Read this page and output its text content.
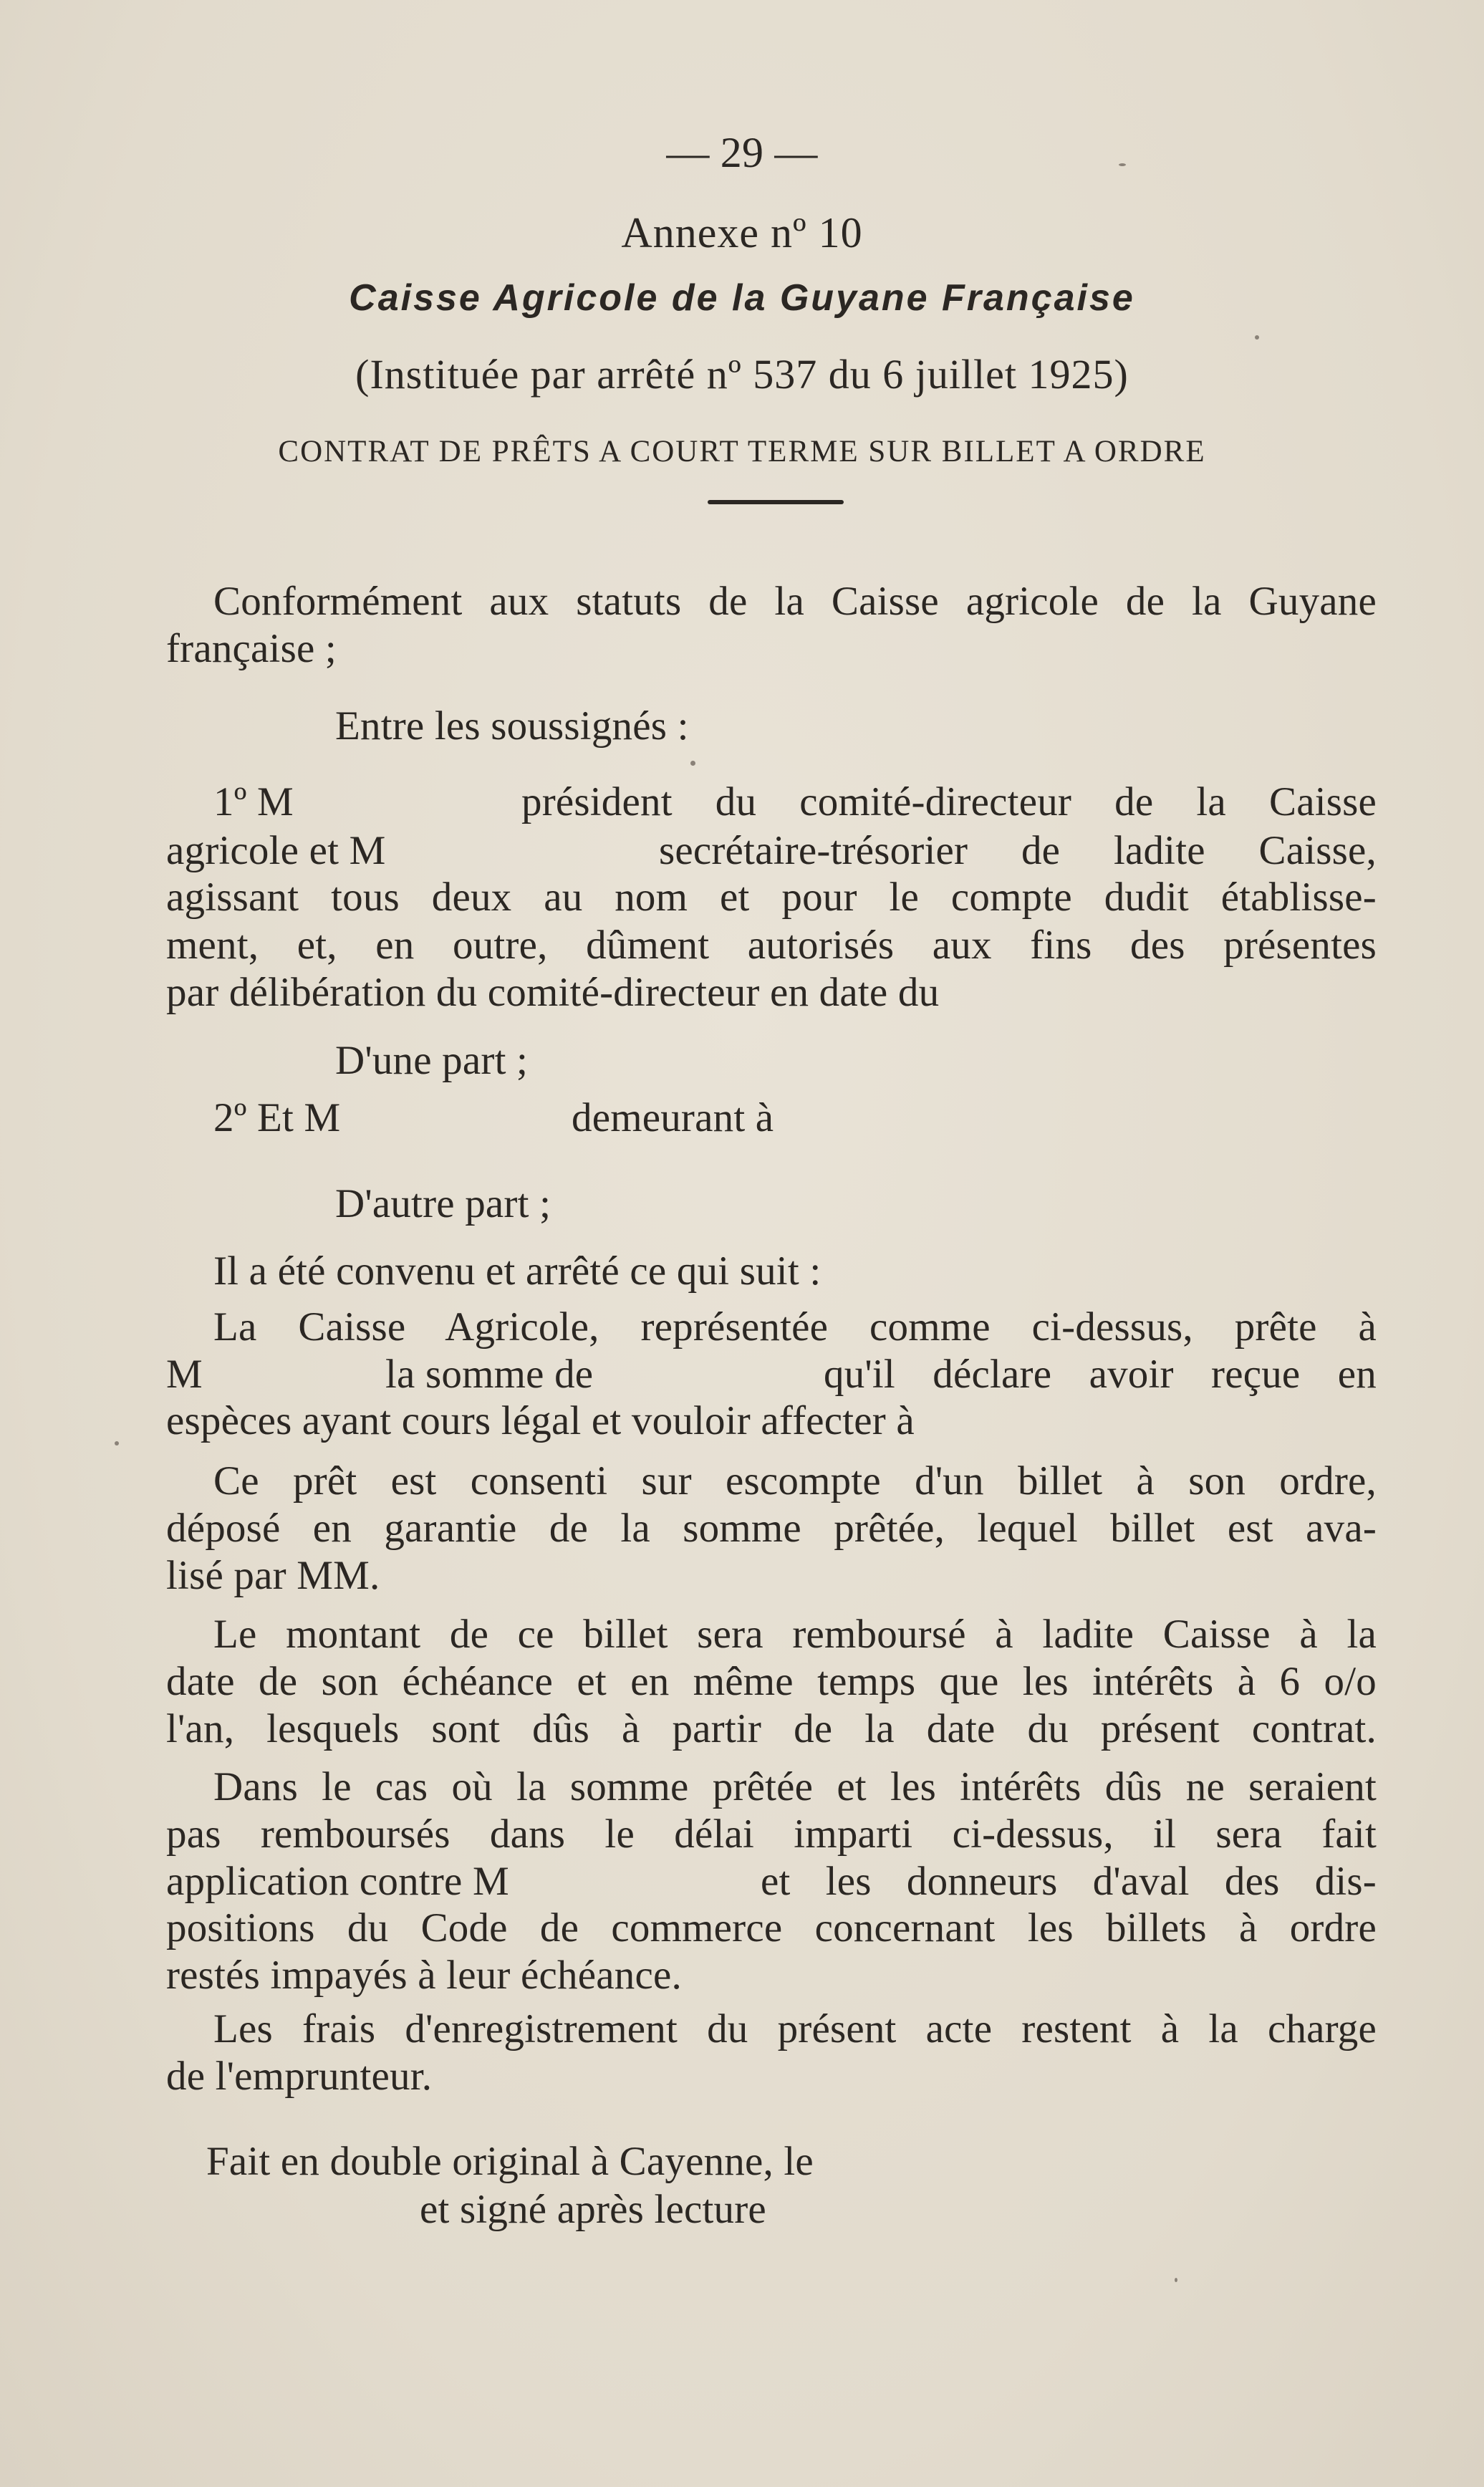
— 29 —
Annexe nº 10
Caisse Agricole de la Guyane Française
(Instituée par arrêté nº 537 du 6 juillet 1925)
CONTRAT DE PRÊTS A COURT TERME SUR BILLET A ORDRE
Conformément aux statuts de la Caisse agricole de la Guyane
française ;
Entre les soussignés :
1º M	président du comité-directeur de la Caisse
agricole et M	secrétaire-trésorier de ladite Caisse,
agissant tous deux au nom et pour le compte dudit établisse-
ment, et, en outre, dûment autorisés aux fins des présentes
par délibération du comité-directeur en date du
D'une part ;
2º Et M	demeurant à
D'autre part ;
Il a été convenu et arrêté ce qui suit :
La Caisse Agricole, représentée comme ci-dessus, prête à
M	la somme de	qu'il déclare avoir reçue en
espèces ayant cours légal et vouloir affecter à
Ce prêt est consenti sur escompte d'un billet à son ordre,
déposé en garantie de la somme prêtée, lequel billet est ava-
lisé par MM.
Le montant de ce billet sera remboursé à ladite Caisse à la
date de son échéance et en même temps que les intérêts à 6 o/o
l'an, lesquels sont dûs à partir de la date du présent contrat.
Dans le cas où la somme prêtée et les intérêts dûs ne seraient
pas remboursés dans le délai imparti ci-dessus, il sera fait
application contre M	et les donneurs d'aval des dis-
positions du Code de commerce concernant les billets à ordre
restés impayés à leur échéance.
Les frais d'enregistrement du présent acte restent à la charge
de l'emprunteur.
Fait en double original à Cayenne, le
et signé après lecture
